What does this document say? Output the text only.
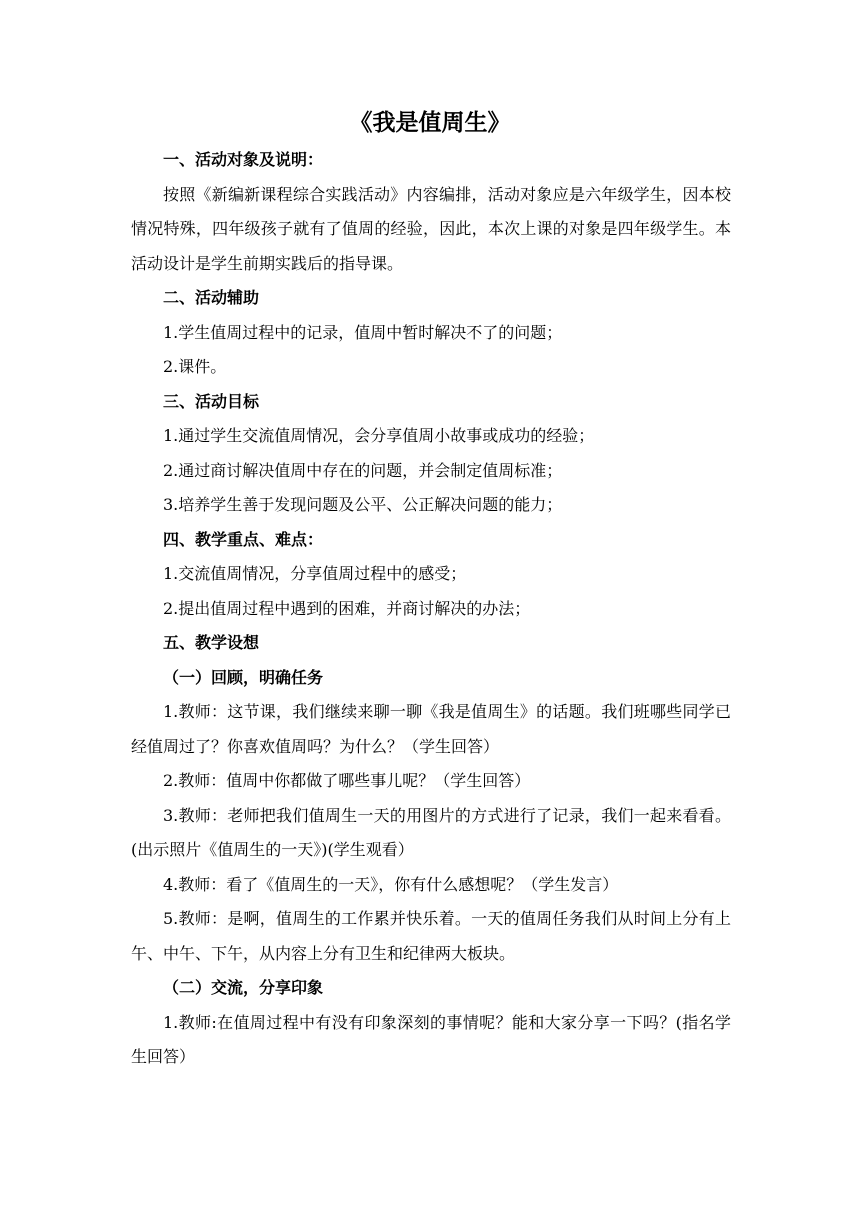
《我是值周生》

一、活动对象及说明：

按照《新编新课程综合实践活动》内容编排，活动对象应是六年级学生，因本校情况特殊，四年级孩子就有了值周的经验，因此，本次上课的对象是四年级学生。本活动设计是学生前期实践后的指导课。

二、活动辅助

1.学生值周过程中的记录，值周中暂时解决不了的问题；

2.课件。

三、活动目标

1.通过学生交流值周情况，会分享值周小故事或成功的经验；

2.通过商讨解决值周中存在的问题，并会制定值周标准；

3.培养学生善于发现问题及公平、公正解决问题的能力；

四、教学重点、难点：

1.交流值周情况，分享值周过程中的感受；

2.提出值周过程中遇到的困难，并商讨解决的办法；

五、教学设想

（一）回顾，明确任务

1.教师：这节课，我们继续来聊一聊《我是值周生》的话题。我们班哪些同学已经值周过了？你喜欢值周吗？为什么？（学生回答）

2.教师：值周中你都做了哪些事儿呢？（学生回答）

3.教师：老师把我们值周生一天的用图片的方式进行了记录，我们一起来看看。(出示照片《值周生的一天》)(学生观看）

4.教师：看了《值周生的一天》，你有什么感想呢？（学生发言）

5.教师：是啊，值周生的工作累并快乐着。一天的值周任务我们从时间上分有上午、中午、下午，从内容上分有卫生和纪律两大板块。

（二）交流，分享印象

1.教师:在值周过程中有没有印象深刻的事情呢？能和大家分享一下吗？(指名学生回答）
